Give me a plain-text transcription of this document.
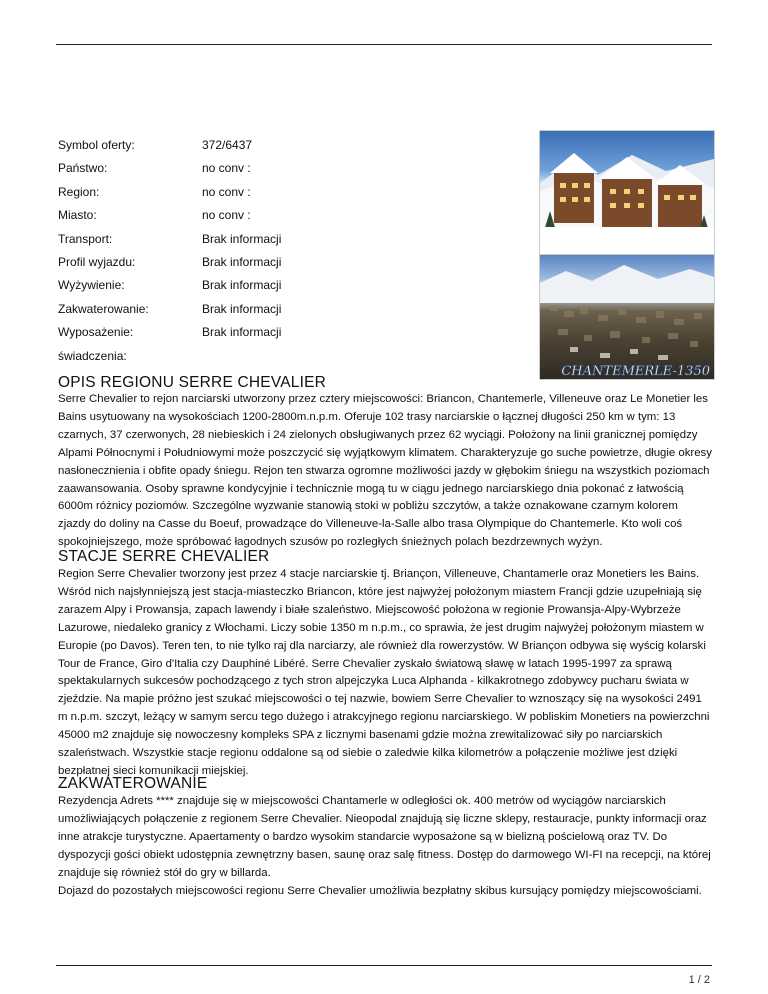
Symbol oferty:	372/6437
Państwo:	no conv :
Region:	no conv :
Miasto:	no conv :
Transport:	Brak informacji
Profil wyjazdu:	Brak informacji
Wyżywienie:	Brak informacji
Zakwaterowanie:	Brak informacji
Wyposażenie:	Brak informacji
świadczenia:
CHANTEMERLE-1350
OPIS REGIONU SERRE CHEVALIER

Serre Chevalier to rejon narciarski utworzony przez cztery miejscowości: Briancon, Chantemerle, Villeneuve oraz Le Monetier les Bains usytuowany na wysokościach 1200-2800m.n.p.m. Oferuje 102 trasy narciarskie o łącznej długości 250 km w tym: 13 czarnych, 37 czerwonych, 28 niebieskich i 24 zielonych obsługiwanych przez 62 wyciągi. Położony na linii granicznej pomiędzy Alpami Północnymi i Południowymi może poszczycić się wyjątkowym klimatem. Charakteryzuje go suche powietrze, długie okresy nasłonecznienia i obfite opady śniegu. Rejon ten stwarza ogromne możliwości jazdy w głębokim śniegu na wszystkich poziomach zaawansowania. Osoby sprawne kondycyjnie i technicznie mogą tu w ciągu jednego narciarskiego dnia pokonać z łatwością 6000m różnicy poziomów. Szczególne wyzwanie stanowią stoki w pobliżu szczytów, a także oznakowane czarnym kolorem zjazdy do doliny na Casse du Boeuf, prowadzące do Villeneuve-la-Salle albo trasa Olympique do Chantemerle. Kto woli coś spokojniejszego, może spróbować łagodnych szusów po rozległych śnieżnych polach bezdrzewnych wyżyn.

STACJE SERRE CHEVALIER

Region Serre Chevalier tworzony jest przez 4 stacje narciarskie tj. Briançon, Villeneuve, Chantamerle oraz Monetiers les Bains. Wśród nich najsłynniejszą jest stacja-miasteczko Briancon, które jest najwyżej położonym miastem Francji gdzie uzupełniają się zarazem Alpy i Prowansja, zapach lawendy i białe szaleństwo. Miejscowość położona w regionie Prowansja-Alpy-Wybrzeże Lazurowe, niedaleko granicy z Włochami. Liczy sobie 1350 m n.p.m., co sprawia, że jest drugim najwyżej położonym miastem w Europie (po Davos). Teren ten, to nie tylko raj dla narciarzy, ale również dla rowerzystów. W Briançon odbywa się wyścig kolarski Tour de France, Giro d'Italia czy Dauphiné Libéré. Serre Chevalier zyskało światową sławę w latach 1995-1997 za sprawą spektakularnych sukcesów pochodzącego z tych stron alpejczyka Luca Alphanda - kilkakrotnego zdobywcy pucharu świata w zjeździe. Na mapie próżno jest szukać miejscowości o tej nazwie, bowiem Serre Chevalier to wznoszący się na wysokości 2491 m n.p.m. szczyt, leżący w samym sercu tego dużego i atrakcyjnego regionu narciarskiego. W pobliskim Monetiers na powierzchni 45000 m2 znajduje się nowoczesny kompleks SPA z licznymi basenami gdzie można zrewitalizować siły po narciarskich szaleństwach. Wszystkie stacje regionu oddalone są od siebie o zaledwie kilka kilometrów a połączenie możliwe jest dzięki bezpłatnej sieci komunikacji miejskiej.

ZAKWATEROWANIE

Rezydencja Adrets **** znajduje się w miejscowości Chantamerle w odległości ok. 400 metrów od wyciągów narciarskich umożliwiających połączenie z regionem Serre Chevalier. Nieopodal znajdują się liczne sklepy, restauracje, punkty informacji oraz inne atrakcje turystyczne. Apaertamenty o bardzo wysokim standarcie wyposażone są w bielizną pościelową oraz TV. Do dyspozycji gości obiekt udostępnia zewnętrzny basen, saunę oraz salę fitness. Dostęp do darmowego WI-FI na recepcji, na której znajduje się również stół do gry w billarda.

Dojazd do pozostałych miejscowości regionu Serre Chevalier umożliwia bezpłatny skibus kursujący pomiędzy miejscowościami.

1 / 2
